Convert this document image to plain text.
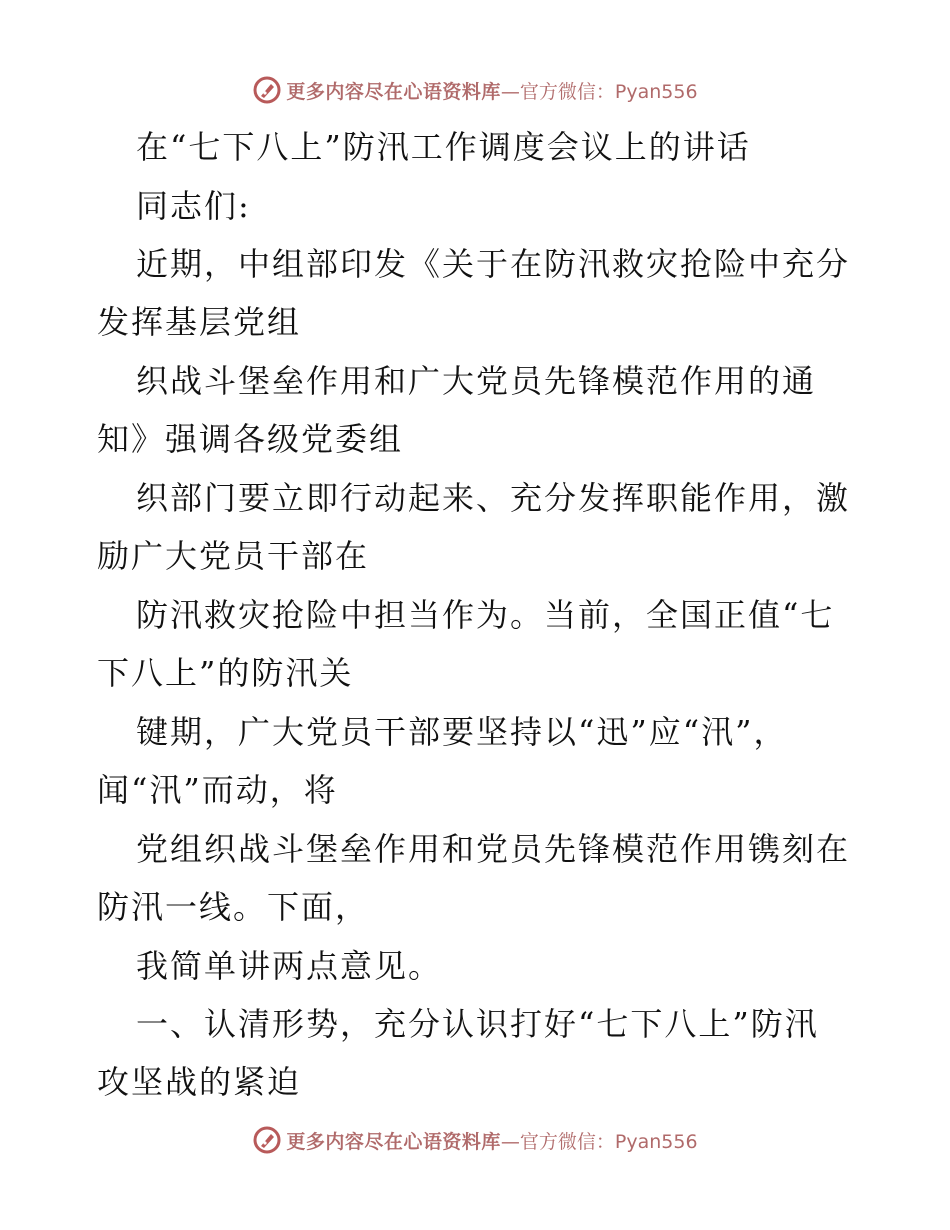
更多内容尽在心语资料库 —官方微信：Pyan556
在“七下八上”防汛工作调度会议上的讲话
同志们:
近期，中组部印发《关于在防汛救灾抢险中充分
发挥基层党组
织战斗堡垒作用和广大党员先锋模范作用的通
知》强调各级党委组
织部门要立即行动起来、充分发挥职能作用，激
励广大党员干部在
防汛救灾抢险中担当作为。当前，全国正值“七
下八上”的防汛关
键期，广大党员干部要坚持以“迅”应“汛”，
闻“汛”而动，将
党组织战斗堡垒作用和党员先锋模范作用镌刻在
防汛一线。下面，
我简单讲两点意见。
一、认清形势，充分认识打好“七下八上”防汛
攻坚战的紧迫
更多内容尽在心语资料库 —官方微信：Pyan556
